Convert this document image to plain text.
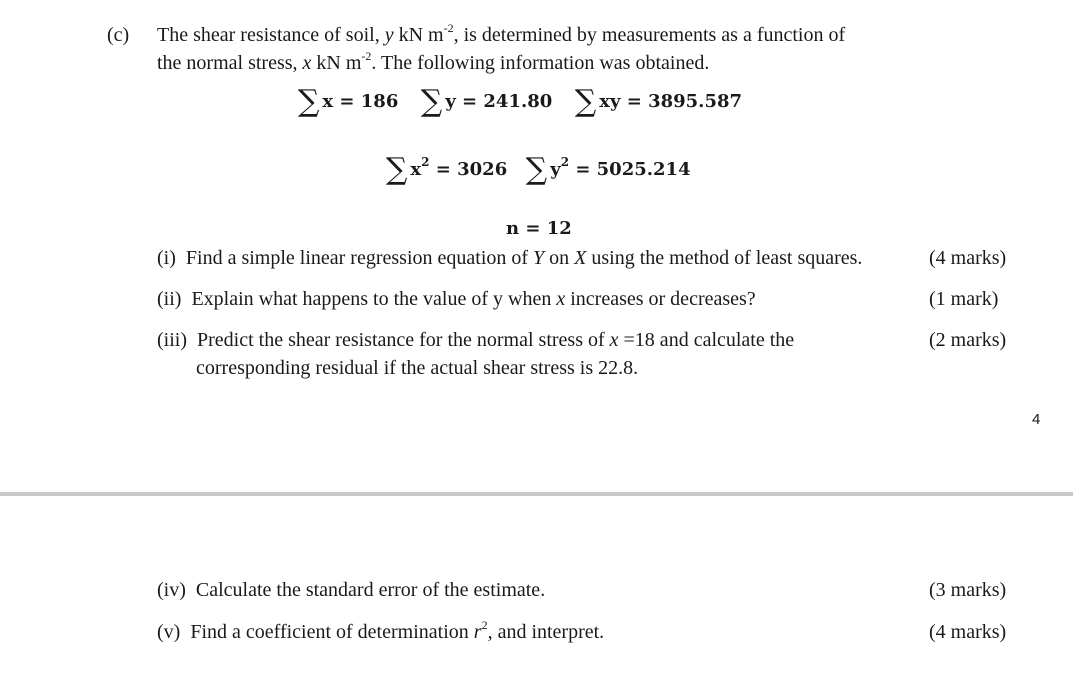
(c) The shear resistance of soil, y kN $m^{-2}$, is determined by measurements as a function of
the normal stress, x kN $m^{-2}$. The following information was obtained.
∑ x = 186 ∑ y = 241.80 ∑ xy = 3895.587
∑ $x^2 = 3026$ ∑ $y^2 = 5025.214$
n = 12
(i) Find a simple linear regression equation of Y on X using the method of least squares.	(4 marks)
(ii) Explain what happens to the value of y when x increases or decreases?	(1 mark)
(iii) Predict the shear resistance for the normal stress of x =18 and calculate the
corresponding residual if the actual shear stress is 22.8.
(2 marks)
4
(iv) Calculate the standard error of the estimate.	(3 marks)
(v) Find a coefficient of determination $r^2$, and interpret.	(4 marks)
